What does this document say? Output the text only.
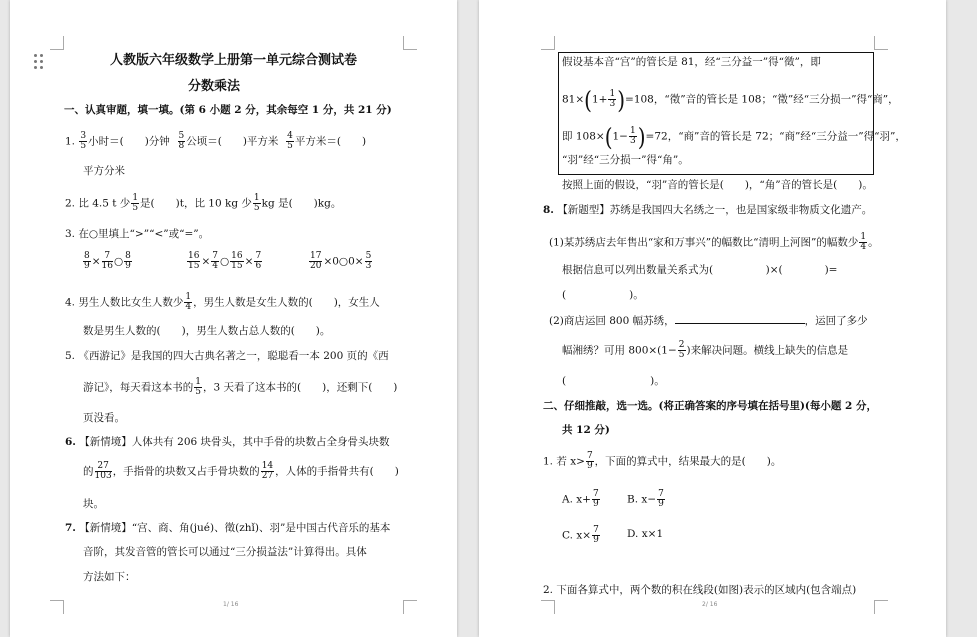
人教版六年级数学上册第一单元综合测试卷
分数乘法
一、认真审题，填一填。(第 6 小题 2 分，其余每空 1 分，共 21 分)
1. $\frac{3}{5}$ 小时＝(　　)分钟 $\frac{5}{8}$ 公顷＝(　　)平方米 $\frac{4}{5}$ 平方米＝(　　)
平方分米
2. 比 4.5 t 少 $\frac{1}{5}$ 是(　　)t，比 10 kg 少 $\frac{1}{5}$ kg 是(　　)kg。
3. 在○里填上“>”“<”或“=”。
$\frac{8}{9} \times \frac{7}{16}$ ○ $\frac{8}{9}$	$\frac{16}{15} \times \frac{7}{4}$ ○ $\frac{16}{15} \times \frac{7}{6}$	$\frac{17}{20}$ ×0○0× $\frac{5}{3}$
4. 男生人数比女生人数少 $\frac{1}{4}$ ，男生人数是女生人数的(　　)，女生人
数是男生人数的(　　)，男生人数占总人数的(　　)。
5. 《西游记》是我国的四大古典名著之一，聪聪看一本 200 页的《西
游记》，每天看这本书的 $\frac{1}{5}$ ，3 天看了这本书的(　　)，还剩下(　　)
页没看。
6. 【新情境】人体共有 206 块骨头，其中手骨的块数占全身骨头块数
的 $\frac{27}{103}$ ，手指骨的块数又占手骨块数的 $\frac{14}{27}$ ，人体的手指骨共有(　　)
块。
7. 【新情境】“宫、商、角(jué)、徵(zhǐ)、羽”是中国古代音乐的基本
音阶，其发音管的管长可以通过“三分损益法”计算得出。具体
方法如下：
1/ 16
假设基本音“宫”的管长是 81，经“三分益一”得“徵”，即
$81\times(1+ \frac{1}{3} )=108$，“徵”音的管长是 108；“徵”经“三分损一”得“商”，
即 $108\times(1- \frac{1}{3} )=72$，“商”音的管长是 72；“商”经“三分益一”得“羽”，
“羽”经“三分损一”得“角”。
按照上面的假设，“羽”音的管长是(　　)，“角”音的管长是(　　)。
8. 【新题型】苏绣是我国四大名绣之一，也是国家级非物质文化遗产。
(1)某苏绣店去年售出“家和万事兴”的幅数比“清明上河图”的幅数少 $\frac{1}{4}$ 。
根据信息可以列出数量关系式为(　　　　　)×(　　　　)=
(　　　　　　)。
(2)商店运回 800 幅苏绣，	，运回了多少
幅湘绣？可用 $800\times(1- \frac{2}{5}$ )来解决问题。横线上缺失的信息是
(　　　　　　　　)。
二、仔细推敲，选一选。(将正确答案的序号填在括号里)(每小题 2 分，
共 12 分)
1. 若 $x> \frac{7}{9}$ ，下面的算式中，结果最大的是(　　)。
A. $x+ \frac{7}{9}$	B. $x- \frac{7}{9}$
C. $x\times \frac{7}{9}$	D. x×1
2. 下面各算式中，两个数的积在线段(如图)表示的区域内(包含端点)
2/ 16
